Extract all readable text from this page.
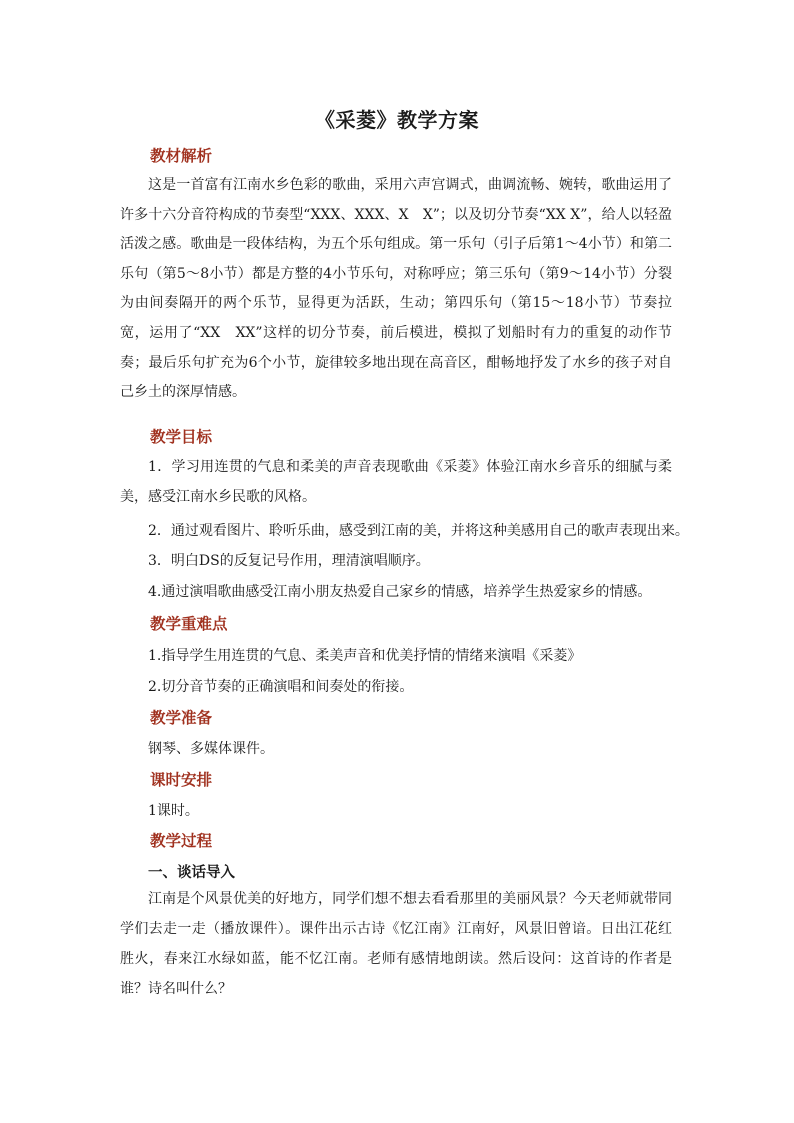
《采菱》教学方案
教材解析
这是一首富有江南水乡色彩的歌曲，采用六声宫调式，曲调流畅、婉转，歌曲运用了许多十六分音符构成的节奏型“XXX、XXX、X　X”；以及切分节奏“XX X”，给人以轻盈活泼之感。歌曲是一段体结构，为五个乐句组成。第一乐句（引子后第1～4小节）和第二乐句（第5～8小节）都是方整的4小节乐句，对称呼应；第三乐句（第9～14小节）分裂为由间奏隔开的两个乐节，显得更为活跃，生动；第四乐句（第15～18小节）节奏拉宽，运用了“XX　XX”这样的切分节奏，前后模进，模拟了划船时有力的重复的动作节奏；最后乐句扩充为6个小节，旋律较多地出现在高音区，酣畅地抒发了水乡的孩子对自己乡土的深厚情感。
教学目标
1．学习用连贯的气息和柔美的声音表现歌曲《采菱》体验江南水乡音乐的细腻与柔美，感受江南水乡民歌的风格。
2．通过观看图片、聆听乐曲，感受到江南的美，并将这种美感用自己的歌声表现出来。
3．明白DS的反复记号作用，理清演唱顺序。
4.通过演唱歌曲感受江南小朋友热爱自己家乡的情感，培养学生热爱家乡的情感。
教学重难点
1.指导学生用连贯的气息、柔美声音和优美抒情的情绪来演唱《采菱》
2.切分音节奏的正确演唱和间奏处的衔接。
教学准备
钢琴、多媒体课件。
课时安排
1课时。
教学过程
一、谈话导入
江南是个风景优美的好地方，同学们想不想去看看那里的美丽风景？今天老师就带同学们去走一走（播放课件）。课件出示古诗《忆江南》江南好，风景旧曾谙。日出江花红胜火，春来江水绿如蓝，能不忆江南。老师有感情地朗读。然后设问：这首诗的作者是谁？诗名叫什么？
